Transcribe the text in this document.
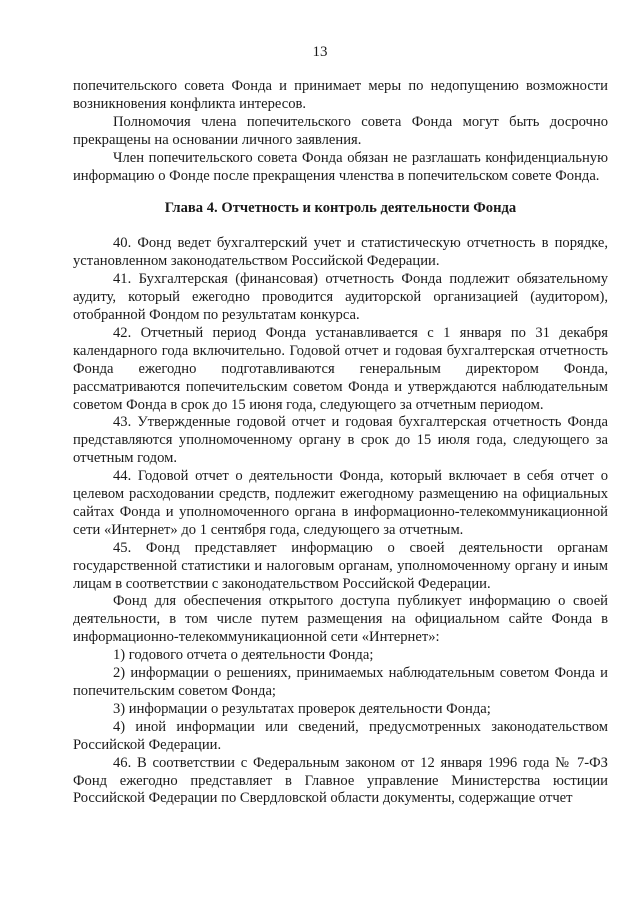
13

попечительского совета Фонда и принимает меры по недопущению возможности возникновения конфликта интересов.

Полномочия члена попечительского совета Фонда могут быть досрочно прекращены на основании личного заявления.

Член попечительского совета Фонда обязан не разглашать конфиденциальную информацию о Фонде после прекращения членства в попечительском совете Фонда.

Глава 4. Отчетность и контроль деятельности Фонда

40. Фонд ведет бухгалтерский учет и статистическую отчетность в порядке, установленном законодательством Российской Федерации.

41. Бухгалтерская (финансовая) отчетность Фонда подлежит обязательному аудиту, который ежегодно проводится аудиторской организацией (аудитором), отобранной Фондом по результатам конкурса.

42. Отчетный период Фонда устанавливается с 1 января по 31 декабря календарного года включительно. Годовой отчет и годовая бухгалтерская отчетность Фонда ежегодно подготавливаются генеральным директором Фонда, рассматриваются попечительским советом Фонда и утверждаются наблюдательным советом Фонда в срок до 15 июня года, следующего за отчетным периодом.

43. Утвержденные годовой отчет и годовая бухгалтерская отчетность Фонда представляются уполномоченному органу в срок до 15 июля года, следующего за отчетным годом.

44. Годовой отчет о деятельности Фонда, который включает в себя отчет о целевом расходовании средств, подлежит ежегодному размещению на официальных сайтах Фонда и уполномоченного органа в информационно-телекоммуникационной сети «Интернет» до 1 сентября года, следующего за отчетным.

45. Фонд представляет информацию о своей деятельности органам государственной статистики и налоговым органам, уполномоченному органу и иным лицам в соответствии с законодательством Российской Федерации.

Фонд для обеспечения открытого доступа публикует информацию о своей деятельности, в том числе путем размещения на официальном сайте Фонда в информационно-телекоммуникационной сети «Интернет»:

1) годового отчета о деятельности Фонда;

2) информации о решениях, принимаемых наблюдательным советом Фонда и попечительским советом Фонда;

3) информации о результатах проверок деятельности Фонда;

4) иной информации или сведений, предусмотренных законодательством Российской Федерации.

46. В соответствии с Федеральным законом от 12 января 1996 года № 7-ФЗ Фонд ежегодно представляет в Главное управление Министерства юстиции Российской Федерации по Свердловской области документы, содержащие отчет
